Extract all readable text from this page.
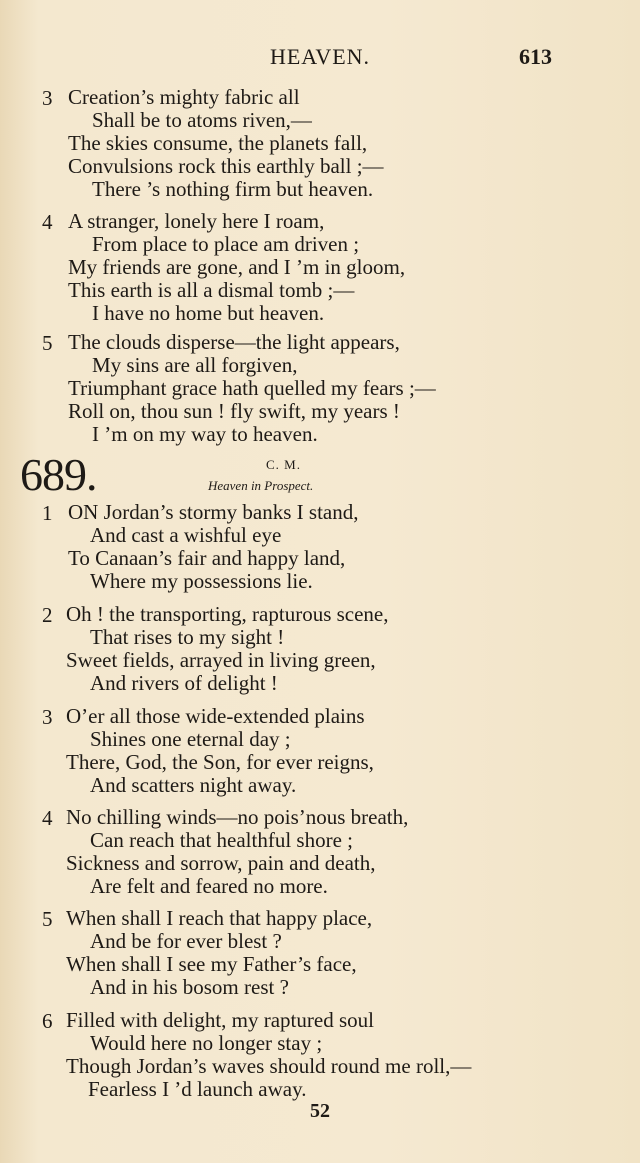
HEAVEN.	613
3 Creation’s mighty fabric all
Shall be to atoms riven,—
The skies consume, the planets fall,
Convulsions rock this earthly ball ;—
There ’s nothing firm but heaven.
4 A stranger, lonely here I roam,
From place to place am driven ;
My friends are gone, and I ’m in gloom,
This earth is all a dismal tomb ;—
I have no home but heaven.
5 The clouds disperse—the light appears,
My sins are all forgiven,
Triumphant grace hath quelled my fears ;—
Roll on, thou sun ! fly swift, my years !
I ’m on my way to heaven.
689.	C. M.
Heaven in Prospect.
1 ON Jordan’s stormy banks I stand,
And cast a wishful eye
To Canaan’s fair and happy land,
Where my possessions lie.
2 Oh ! the transporting, rapturous scene,
That rises to my sight !
Sweet fields, arrayed in living green,
And rivers of delight !
3 O’er all those wide-extended plains
Shines one eternal day ;
There, God, the Son, for ever reigns,
And scatters night away.
4 No chilling winds—no pois’nous breath,
Can reach that healthful shore ;
Sickness and sorrow, pain and death,
Are felt and feared no more.
5 When shall I reach that happy place,
And be for ever blest ?
When shall I see my Father’s face,
And in his bosom rest ?
6 Filled with delight, my raptured soul
Would here no longer stay ;
Though Jordan’s waves should round me roll,—
Fearless I ’d launch away.
52
